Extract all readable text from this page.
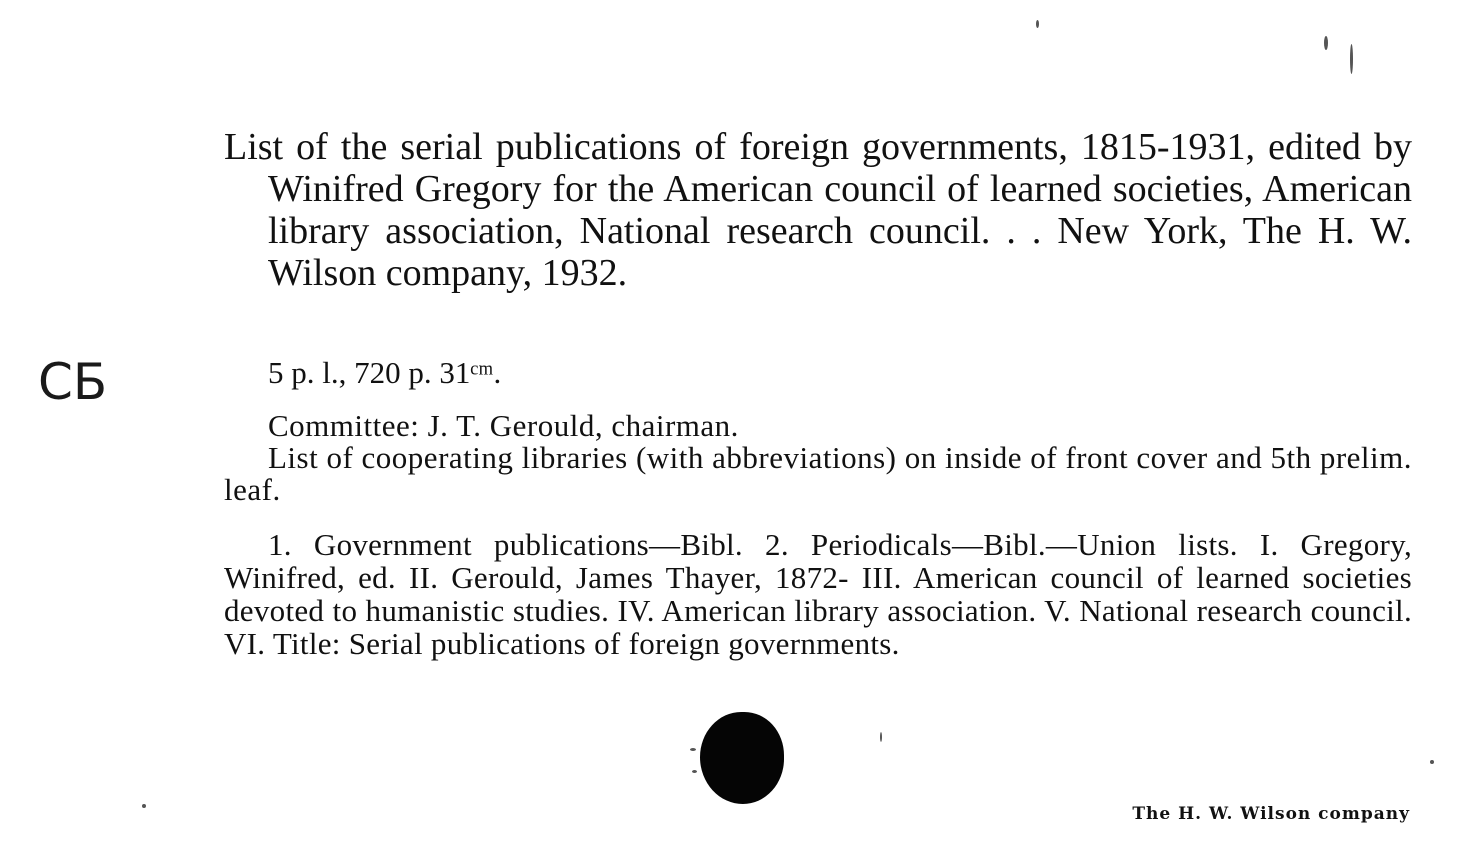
CБ
List of the serial publications of foreign governments, 1815-1931, edited by Winifred Gregory for the American council of learned societies, American library association, National research council. . . New York, The H. W. Wilson company, 1932.
5 p. l., 720 p. 31ᶜᵐ.

Committee: J. T. Gerould, chairman.

List of cooperating libraries (with abbreviations) on inside of front cover and 5th prelim. leaf.

1. Government publications—Bibl. 2. Periodicals—Bibl.—Union lists. I. Gregory, Winifred, ed. II. Gerould, James Thayer, 1872- III. American council of learned societies devoted to humanistic studies. IV. American library association. V. National research council. VI. Title: Serial publications of foreign governments.

The H. W. Wilson company
